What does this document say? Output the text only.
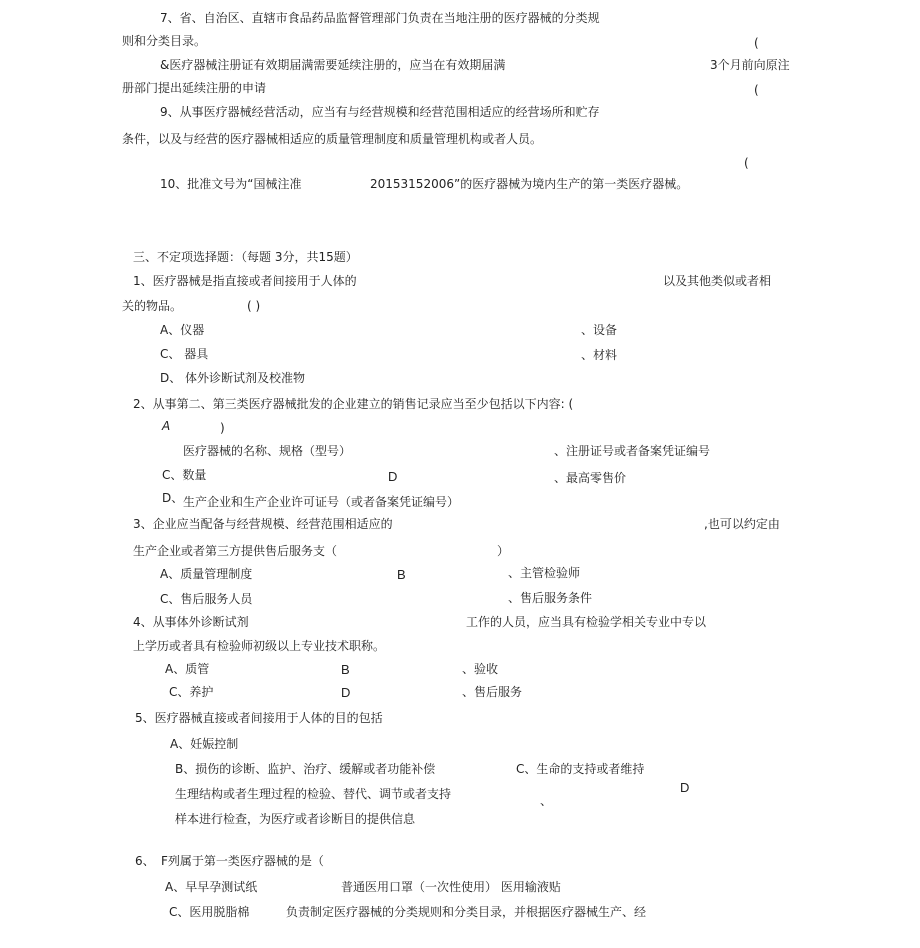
7、省、自治区、直辖市食品药品监督管理部门负责在当地注册的医疗器械的分类规
则和分类目录。	(
&医疗器械注册证有效期届满需要延续注册的，应当在有效期届满	3个月前向原注
册部门提出延续注册的申请	(
9、从事医疗器械经营活动，应当有与经营规模和经营范围相适应的经营场所和贮存
条件，以及与经营的医疗器械相适应的质量管理制度和质量管理机构或者人员。
(
10、批准文号为“国械注准	20153152006”的医疗器械为境内生产的第一类医疗器械。
三、不定项选择题：（每题 3分，共15题）
1、医疗器械是指直接或者间接用于人体的	以及其他类似或者相
关的物品。	( )
A、仪器	、设备
C、 器具	、材料
D、 体外诊断试剂及校准物
2、从事第二、第三类医疗器械批发的企业建立的销售记录应当至少包括以下内容: (
A	)
医疗器械的名称、规格（型号）	、注册证号或者备案凭证编号
C、数量	D	、最高零售价
D、 生产企业和生产企业许可证号（或者备案凭证编号）
3、企业应当配备与经营规模、经营范围相适应的	,也可以约定由
生产企业或者第三方提供售后服务支（	）
A、质量管理制度	B	、主管检验师
C、售后服务人员	、售后服务条件
4、从事体外诊断试剂	工作的人员，应当具有检验学相关专业中专以
上学历或者具有检验师初级以上专业技术职称。
A、质管	B	、验收
C、养护	D	、售后服务
5、医疗器械直接或者间接用于人体的目的包括
A、妊娠控制
B、损伤的诊断、监护、治疗、缓解或者功能补偿	C、生命的支持或者维持
D
生理结构或者生理过程的检验、替代、调节或者支持	、
样本进行检查，为医疗或者诊断目的提供信息
6、 F列属于第一类医疗器械的是（
A、早早孕测试纸	普通医用口罩（一次性使用） 医用输液贴
C、医用脱脂棉	负责制定医疗器械的分类规则和分类目录，并根据医疗器械生产、经
